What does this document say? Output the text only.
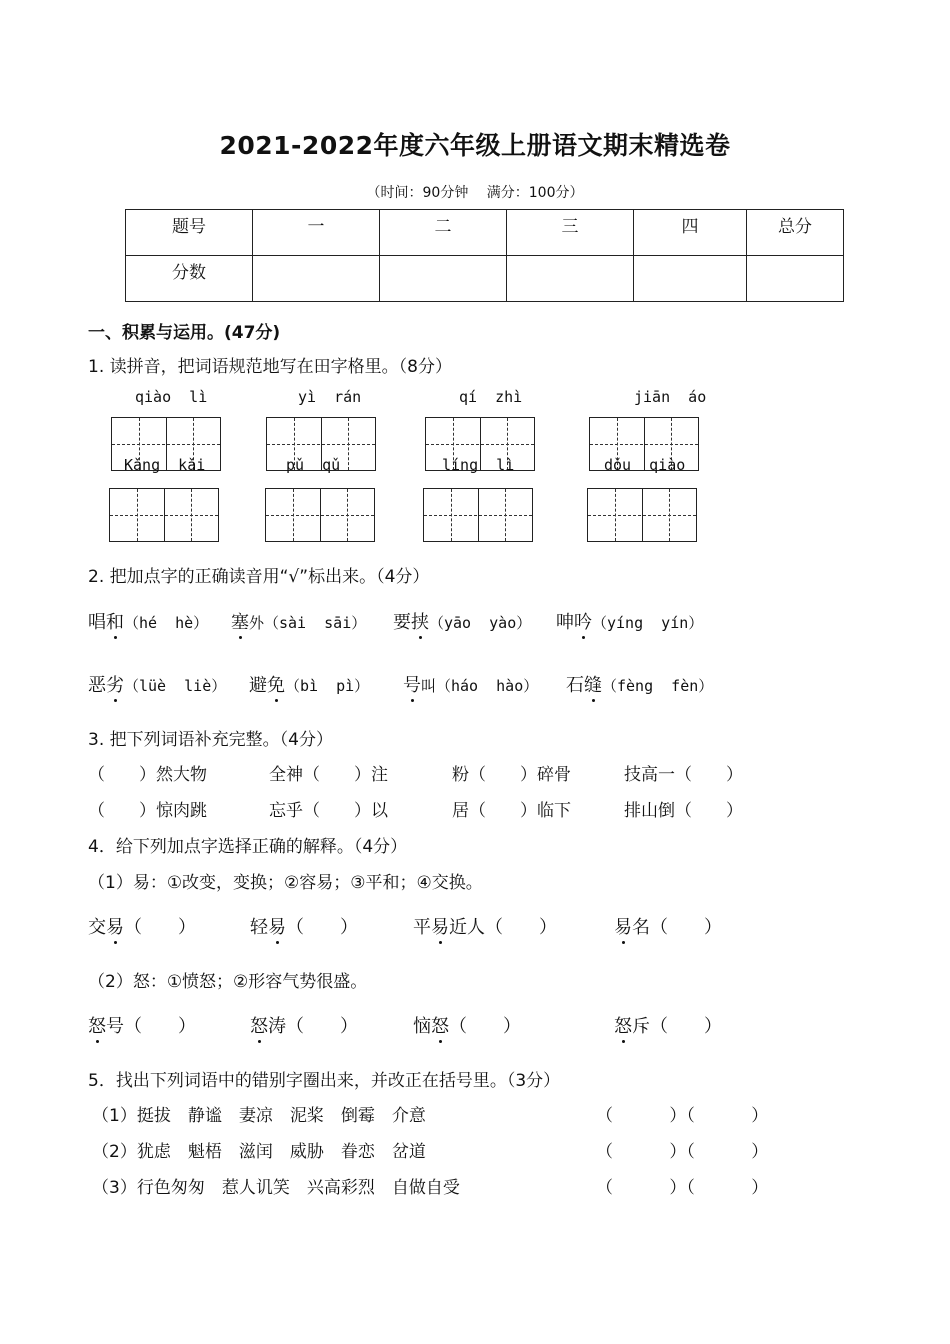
2021-2022年度六年级上册语文期末精选卷
（时间：90分钟　 满分：100分）
题号	一	二	三	四	总分
分数					
一、积累与运用。(47分)
1. 读拼音，把词语规范地写在田字格里。（8分）
qiào  lì	yì  rán	qí  zhì	jiān  áo
Kǎng  kǎi	pǔ  qǔ	líng  lì	dǒu  qiào
2. 把加点字的正确读音用“√”标出来。（4分）
唱和（hé  hè） 塞外（sài  sāi） 要挟（yāo  yào） 呻吟（yíng  yín）
恶劣（lüè  liè） 避免（bì  pì） 号叫（háo  hào） 石缝（fèng  fèn）
3. 把下列词语补充完整。（4分）
（　　）然大物	全神（　　）注	粉（　　）碎骨	技高一（　　）
（　　）惊肉跳	忘乎（　　）以	居（　　）临下	排山倒（　　）
4．给下列加点字选择正确的解释。（4分）
（1）易：①改变，变换；②容易；③平和；④交换。
交易（　　）	轻易（　　）	平易近人（　　）	易名（　　）
（2）怒：①愤怒；②形容气势很盛。
怒号（　　）	怒涛（　　）	恼怒（　　）	怒斥（　　）
5．找出下列词语中的错别字圈出来，并改正在括号里。（3分）
（1）挺拔　静谧　妻凉　泥桨　倒霉　介意	（　　　 ）（　　　 ）
（2）犹虑　魁梧　滋闰　威胁　眷恋　岔道	（　　　 ）（　　　 ）
（3）行色匆匆　惹人讥笑　兴高彩烈　自做自受	（　　　 ）（　　　 ）
